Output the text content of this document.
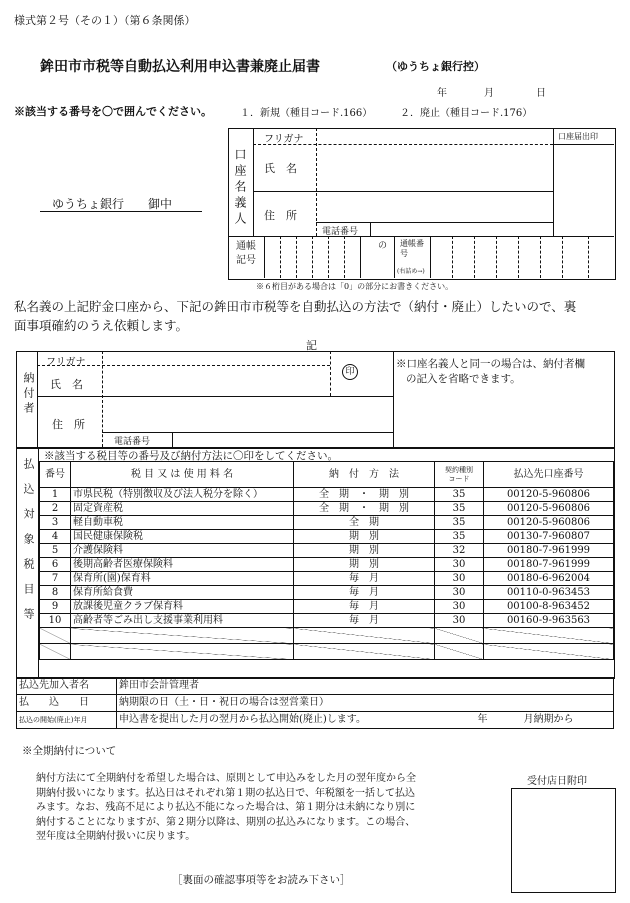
様式第２号（その１）（第６条関係）
鉾田市市税等自動払込利用申込書兼廃止届書	（ゆうちょ銀行控）
年	月	日
※該当する番号を〇で囲んでください。	１．新規（種目コード.166）	２．廃止（種目コード.176）
ゆうちょ銀行　　御中	口座名義人
フリガナ
氏　名
住　所
電話番号
口座届出印
通帳記号
の 通帳番号
(右詰め→)
※６桁目がある場合は「0」の部分にお書きください。
私名義の上記貯金口座から、下記の鉾田市市税等を自動払込の方法で（納付・廃止）したいので、裏
面事項確約のうえ依頼します。
記
納付者
フリガナ
氏　名
印
※口座名義人と同一の場合は、納付者欄
の記入を省略できます。
住　所
電話番号
払込対象税目等
※該当する税目等の番号及び納付方法に〇印をしてください。
番号	税 目 又 は 使 用 料 名	納　付　方　法	契約種別
コード	払込先口座番号
1	市県民税（特別徴収及び法人税分を除く）	全　期　・　期　別	35	00120-5-960806
2	固定資産税	全　期　・　期　別	35	00120-5-960806
3	軽自動車税	全　期	35	00120-5-960806
4	国民健康保険税	期　別	35	00130-7-960807
5	介護保険料	期　別	32	00180-7-961999
6	後期高齢者医療保険料	期　別	30	00180-7-961999
7	保育所(園)保育料	毎　月	30	00180-6-962004
8	保育所給食費	毎　月	30	00110-0-963453
9	放課後児童クラブ保育料	毎　月	30	00100-8-963452
10	高齢者等ごみ出し支援事業利用料	毎　月	30	00160-9-963563

払込先加入者名	鉾田市会計管理者
払　　込　　日	納期限の日（土・日・祝日の場合は翌営業日）
払込の開始(廃止)年月	申込書を提出した月の翌月から払込開始(廃止)します。 年 月納期から
※全期納付について
納付方法にて全期納付を希望した場合は、原則として申込みをした月の翌年度から全
期納付扱いになります。払込日はそれぞれ第１期の払込日で、年税額を一括して払込
みます。なお、残高不足により払込不能になった場合は、第１期分は未納になり別に
納付することになりますが、第２期分以降は、期別の払込みになります。この場合、
翌年度は全期納付扱いに戻ります。
受付店日附印
［裏面の確認事項等をお読み下さい］
